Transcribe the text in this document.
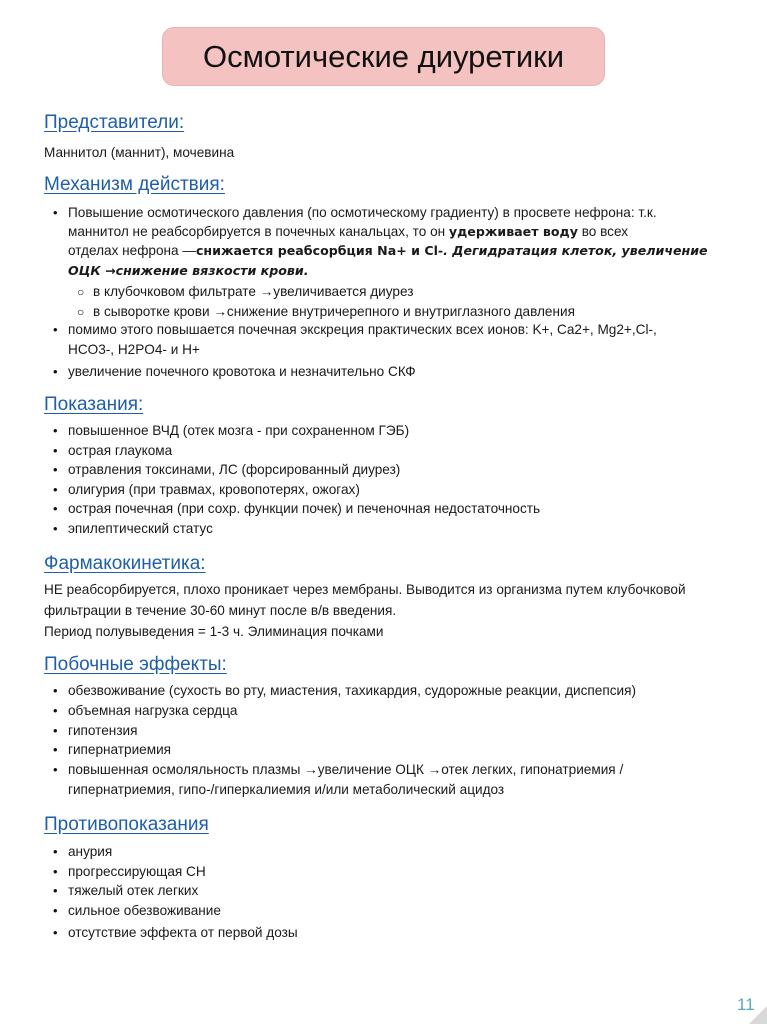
Осмотические диуретики
Представители:
Маннитол (маннит), мочевина
Механизм действия:
• Повышение осмотического давления (по осмотическому градиенту) в просвете нефрона: т.к.
маннитол не реабсорбируется в почечных канальцах, то он удерживает воду во всех
отделах нефрона —снижается реабсорбция Na+ и Cl-. Дегидратация клеток, увеличение
ОЦК →снижение вязкости крови.
○ в клубочковом фильтрате →увеличивается диурез
○ в сыворотке крови →снижение внутричерепного и внутриглазного давления
• помимо этого повышается почечная экскреция практических всех ионов: K+, Ca2+, Mg2+,Cl-,
HCO3-, H2PO4- и H+
• увеличение почечного кровотока и незначительно СКФ
Показания:
• повышенное ВЧД (отек мозга - при сохраненном ГЭБ)
• острая глаукома
• отравления токсинами, ЛС (форсированный диурез)
• олигурия (при травмах, кровопотерях, ожогах)
• острая почечная (при сохр. функции почек) и печеночная недостаточность
• эпилептический статус
Фармакокинетика:
НЕ реабсорбируется, плохо проникает через мембраны. Выводится из организма путем клубочковой
фильтрации в течение 30-60 минут после в/в введения.
Период полувыведения = 1-3 ч. Элиминация почками
Побочные эффекты:
• обезвоживание (сухость во рту, миастения, тахикардия, судорожные реакции, диспепсия)
• объемная нагрузка сердца
• гипотензия
• гипернатриемия
• повышенная осмоляльность плазмы →увеличение ОЦК →отек легких, гипонатриемия /
гипернатриемия, гипо-/гиперкалиемия и/или метаболический ацидоз
Противопоказания
• анурия
• прогрессирующая СН
• тяжелый отек легких
• сильное обезвоживание
• отсутствие эффекта от первой дозы
11
